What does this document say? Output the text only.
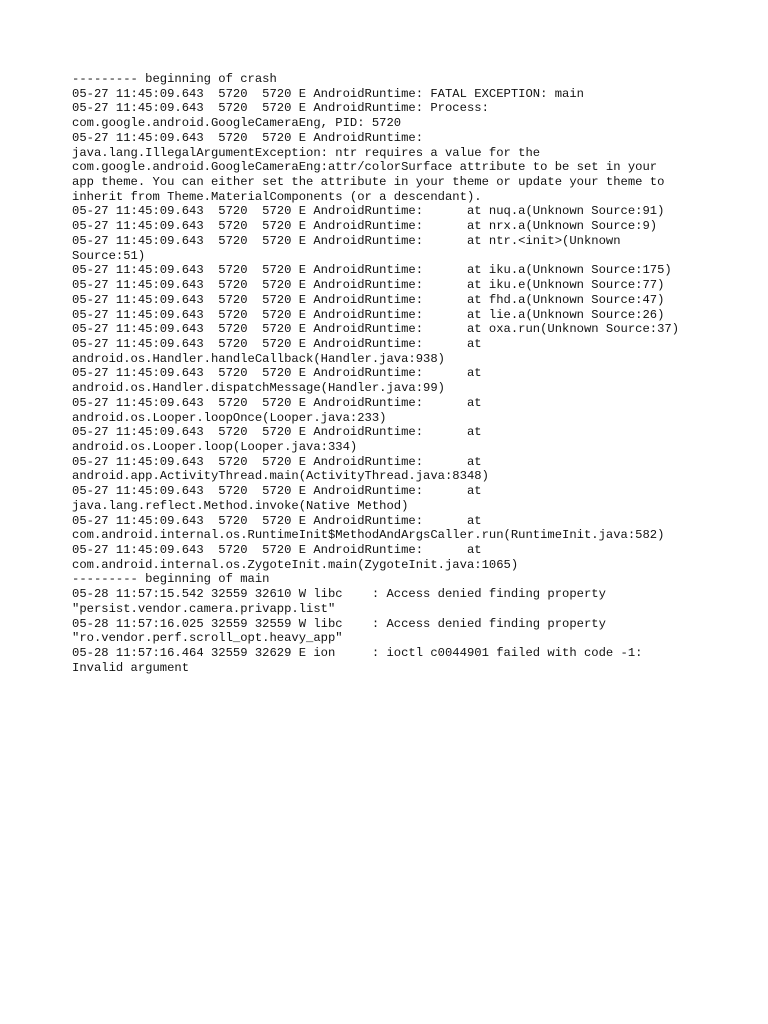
--------- beginning of crash
05-27 11:45:09.643  5720  5720 E AndroidRuntime: FATAL EXCEPTION: main
05-27 11:45:09.643  5720  5720 E AndroidRuntime: Process:
com.google.android.GoogleCameraEng, PID: 5720
05-27 11:45:09.643  5720  5720 E AndroidRuntime:
java.lang.IllegalArgumentException: ntr requires a value for the
com.google.android.GoogleCameraEng:attr/colorSurface attribute to be set in your
app theme. You can either set the attribute in your theme or update your theme to
inherit from Theme.MaterialComponents (or a descendant).
05-27 11:45:09.643  5720  5720 E AndroidRuntime:      at nuq.a(Unknown Source:91)
05-27 11:45:09.643  5720  5720 E AndroidRuntime:      at nrx.a(Unknown Source:9)
05-27 11:45:09.643  5720  5720 E AndroidRuntime:      at ntr.<init>(Unknown
Source:51)
05-27 11:45:09.643  5720  5720 E AndroidRuntime:      at iku.a(Unknown Source:175)
05-27 11:45:09.643  5720  5720 E AndroidRuntime:      at iku.e(Unknown Source:77)
05-27 11:45:09.643  5720  5720 E AndroidRuntime:      at fhd.a(Unknown Source:47)
05-27 11:45:09.643  5720  5720 E AndroidRuntime:      at lie.a(Unknown Source:26)
05-27 11:45:09.643  5720  5720 E AndroidRuntime:      at oxa.run(Unknown Source:37)
05-27 11:45:09.643  5720  5720 E AndroidRuntime:      at
android.os.Handler.handleCallback(Handler.java:938)
05-27 11:45:09.643  5720  5720 E AndroidRuntime:      at
android.os.Handler.dispatchMessage(Handler.java:99)
05-27 11:45:09.643  5720  5720 E AndroidRuntime:      at
android.os.Looper.loopOnce(Looper.java:233)
05-27 11:45:09.643  5720  5720 E AndroidRuntime:      at
android.os.Looper.loop(Looper.java:334)
05-27 11:45:09.643  5720  5720 E AndroidRuntime:      at
android.app.ActivityThread.main(ActivityThread.java:8348)
05-27 11:45:09.643  5720  5720 E AndroidRuntime:      at
java.lang.reflect.Method.invoke(Native Method)
05-27 11:45:09.643  5720  5720 E AndroidRuntime:      at
com.android.internal.os.RuntimeInit$MethodAndArgsCaller.run(RuntimeInit.java:582)
05-27 11:45:09.643  5720  5720 E AndroidRuntime:      at
com.android.internal.os.ZygoteInit.main(ZygoteInit.java:1065)
--------- beginning of main
05-28 11:57:15.542 32559 32610 W libc    : Access denied finding property
"persist.vendor.camera.privapp.list"
05-28 11:57:16.025 32559 32559 W libc    : Access denied finding property
"ro.vendor.perf.scroll_opt.heavy_app"
05-28 11:57:16.464 32559 32629 E ion     : ioctl c0044901 failed with code -1:
Invalid argument
